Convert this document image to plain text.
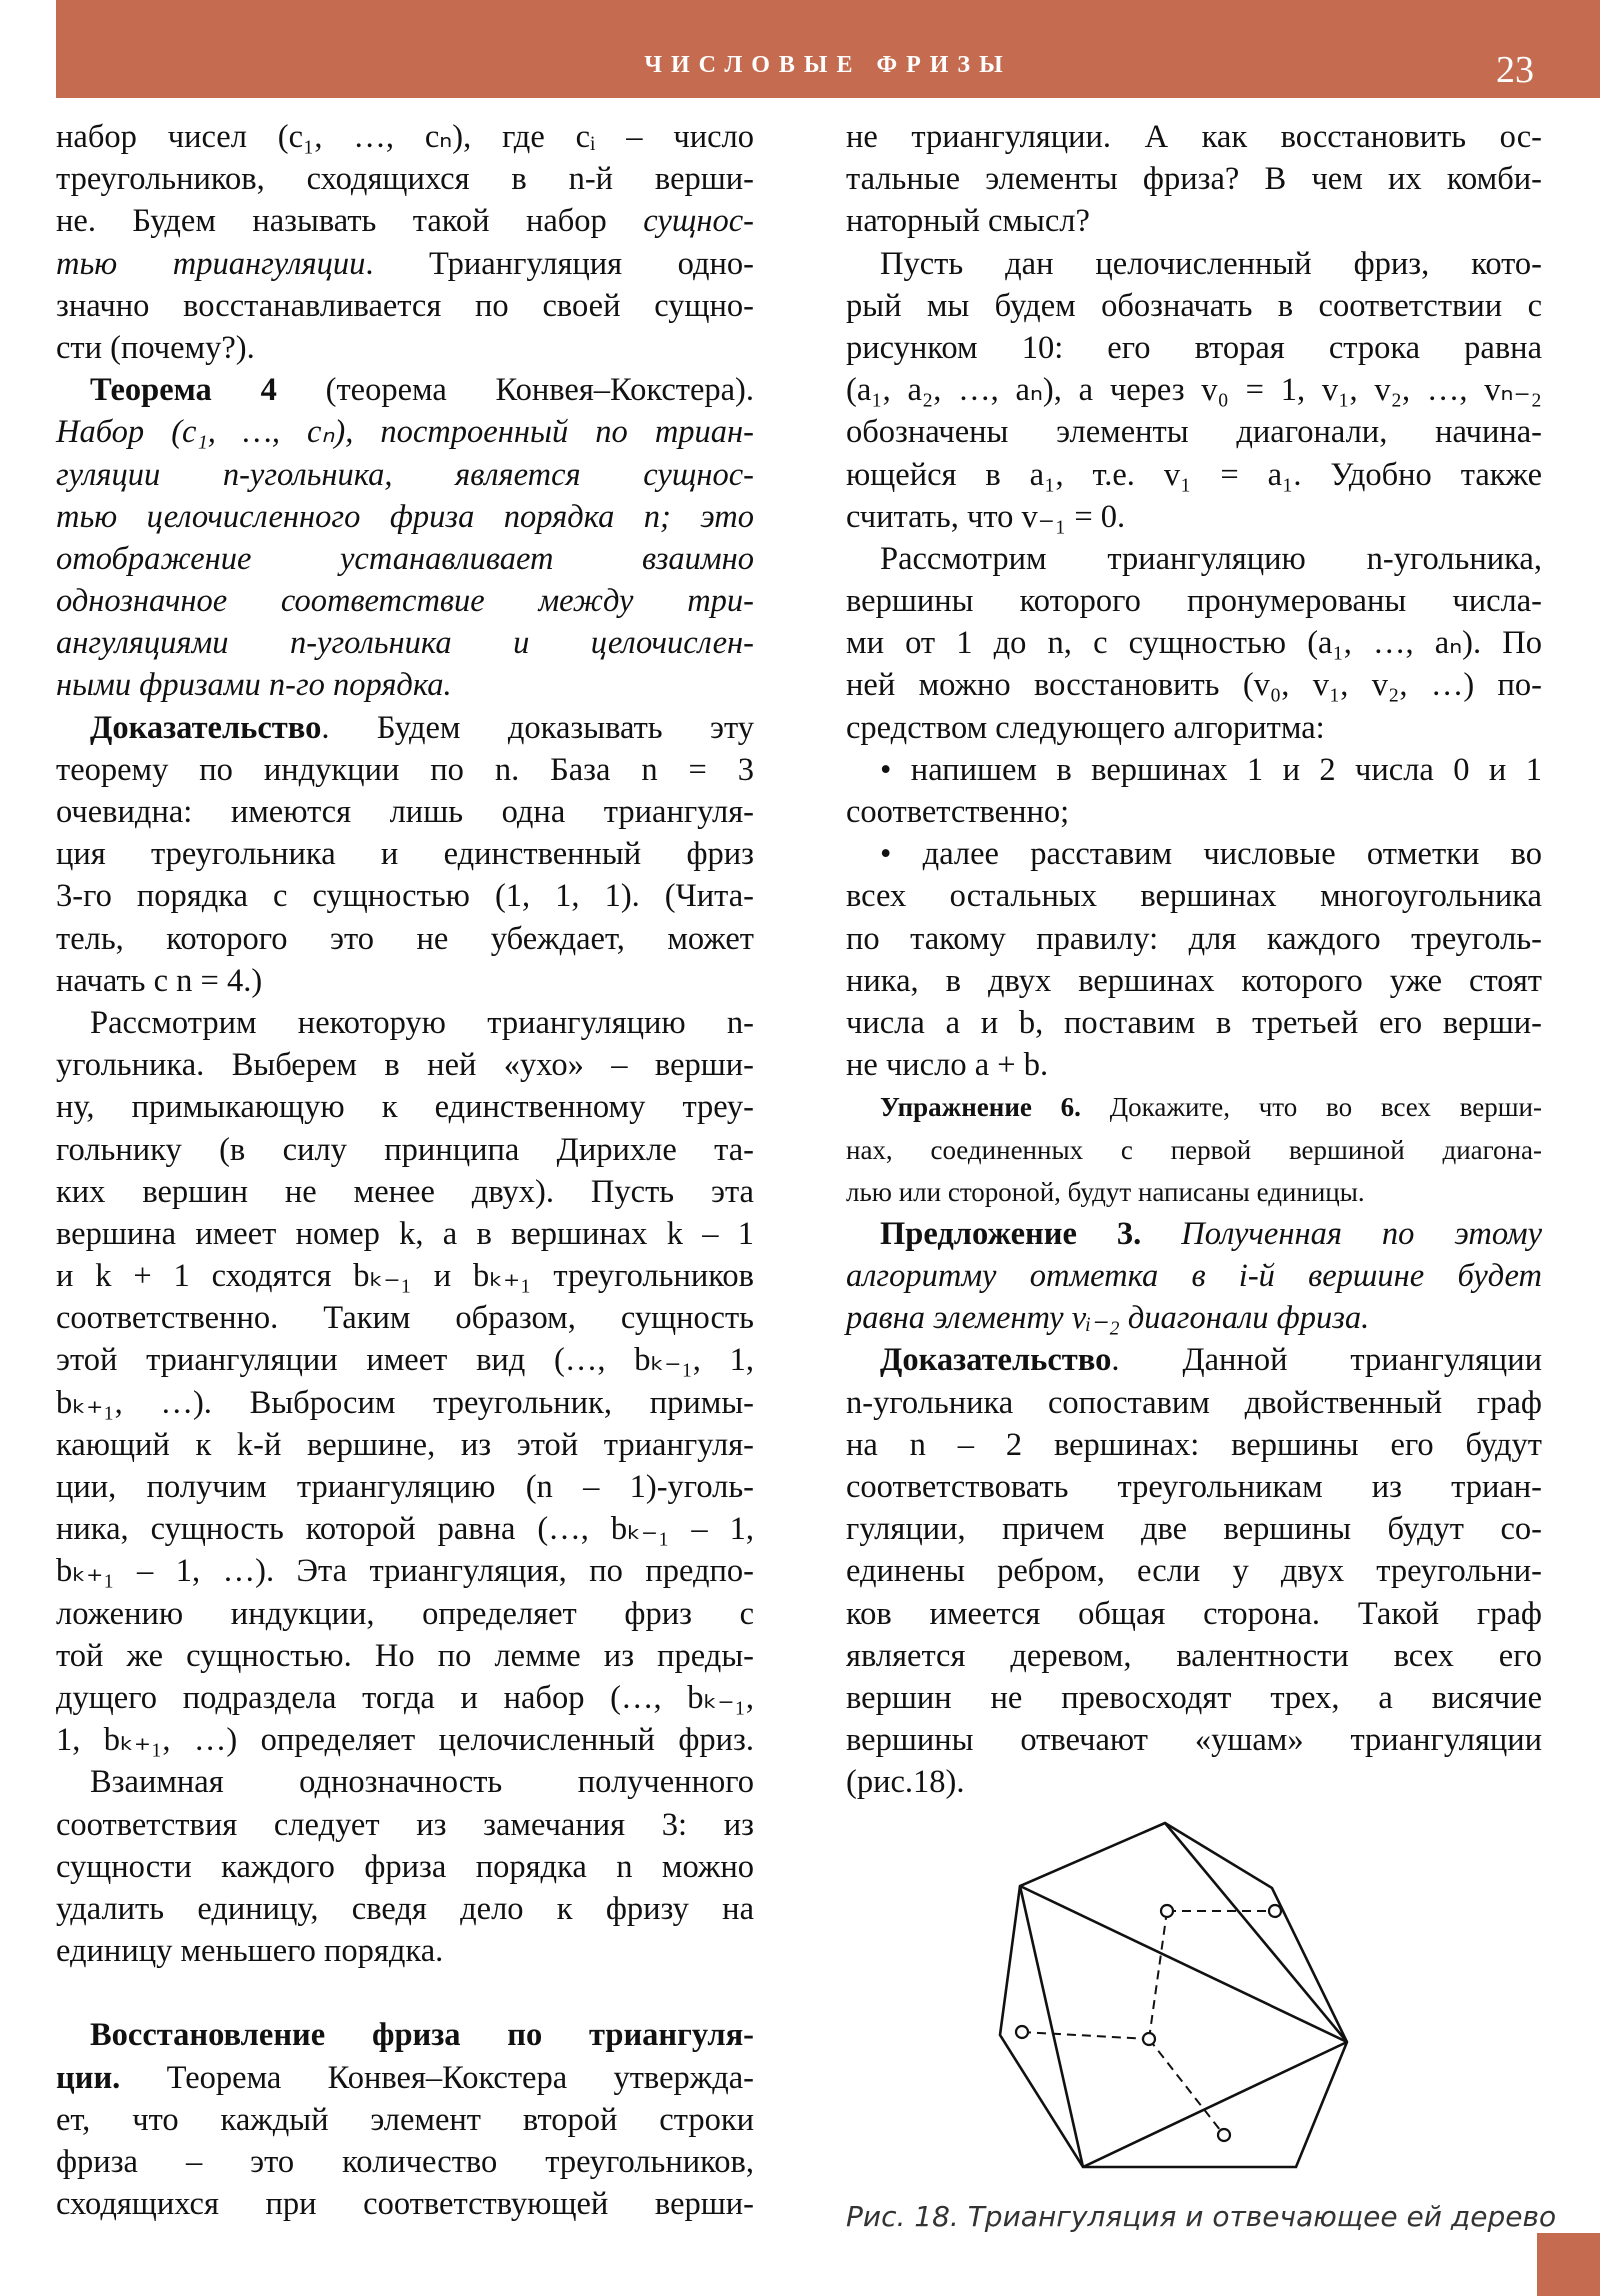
ЧИСЛОВЫЕ ФРИЗЫ	23
набор чисел (c₁, …, cₙ), где cᵢ – число
треугольников, сходящихся в n-й верши-
не. Будем называть такой набор сущнос-
тью триангуляции. Триангуляция одно-
значно восстанавливается по своей сущно-
сти (почему?).
Теорема 4 (теорема Конвея–Кокстера).
Набор (c₁, …, cₙ), построенный по триан-
гуляции n-угольника, является сущнос-
тью целочисленного фриза порядка n; это
отображение устанавливает взаимно
однозначное соответствие между три-
ангуляциями n-угольника и целочислен-
ными фризами n-го порядка.
Доказательство. Будем доказывать эту
теорему по индукции по n. База n = 3
очевидна: имеются лишь одна триангуля-
ция треугольника и единственный фриз
3-го порядка с сущностью (1, 1, 1). (Чита-
тель, которого это не убеждает, может
начать с n = 4.)
Рассмотрим некоторую триангуляцию n-
угольника. Выберем в ней «ухо» – верши-
ну, примыкающую к единственному треу-
гольнику (в силу принципа Дирихле та-
ких вершин не менее двух). Пусть эта
вершина имеет номер k, а в вершинах k – 1
и k + 1 сходятся bₖ₋₁ и bₖ₊₁ треугольников
соответственно. Таким образом, сущность
этой триангуляции имеет вид (…, bₖ₋₁, 1,
bₖ₊₁, …). Выбросим треугольник, примы-
кающий к k-й вершине, из этой триангуля-
ции, получим триангуляцию (n – 1)-уголь-
ника, сущность которой равна (…, bₖ₋₁ – 1,
bₖ₊₁ – 1, …). Эта триангуляция, по предпо-
ложению индукции, определяет фриз с
той же сущностью. Но по лемме из преды-
дущего подраздела тогда и набор (…, bₖ₋₁,
1, bₖ₊₁, …) определяет целочисленный фриз.
Взаимная однозначность полученного
соответствия следует из замечания 3: из
сущности каждого фриза порядка n можно
удалить единицу, сведя дело к фризу на
единицу меньшего порядка.
Восстановление фриза по триангуля-
ции. Теорема Конвея–Кокстера утвержда-
ет, что каждый элемент второй строки
фриза – это количество треугольников,
сходящихся при соответствующей верши-
не триангуляции. А как восстановить ос-
тальные элементы фриза? В чем их комби-
наторный смысл?
Пусть дан целочисленный фриз, кото-
рый мы будем обозначать в соответствии с
рисунком 10: его вторая строка равна
(a₁, a₂, …, aₙ), а через v₀ = 1, v₁, v₂, …, vₙ₋₂
обозначены элементы диагонали, начина-
ющейся в a₁, т.е. v₁ = a₁. Удобно также
считать, что v₋₁ = 0.
Рассмотрим триангуляцию n-угольника,
вершины которого пронумерованы числа-
ми от 1 до n, с сущностью (a₁, …, aₙ). По
ней можно восстановить (v₀, v₁, v₂, …) по-
средством следующего алгоритма:
• напишем в вершинах 1 и 2 числа 0 и 1
соответственно;
• далее расставим числовые отметки во
всех остальных вершинах многоугольника
по такому правилу: для каждого треуголь-
ника, в двух вершинах которого уже стоят
числа a и b, поставим в третьей его верши-
не число a + b.
Упражнение 6. Докажите, что во всех верши-
нах, соединенных с первой вершиной диагона-
лью или стороной, будут написаны единицы.
Предложение 3. Полученная по этому
алгоритму отметка в i-й вершине будет
равна элементу vᵢ₋₂ диагонали фриза.
Доказательство. Данной триангуляции
n-угольника сопоставим двойственный граф
на n – 2 вершинах: вершины его будут
соответствовать треугольникам из триан-
гуляции, причем две вершины будут со-
единены ребром, если у двух треугольни-
ков имеется общая сторона. Такой граф
является деревом, валентности всех его
вершин не превосходят трех, а висячие
вершины отвечают «ушам» триангуляции
(рис.18).
Рис. 18. Триангуляция и отвечающее ей дерево
